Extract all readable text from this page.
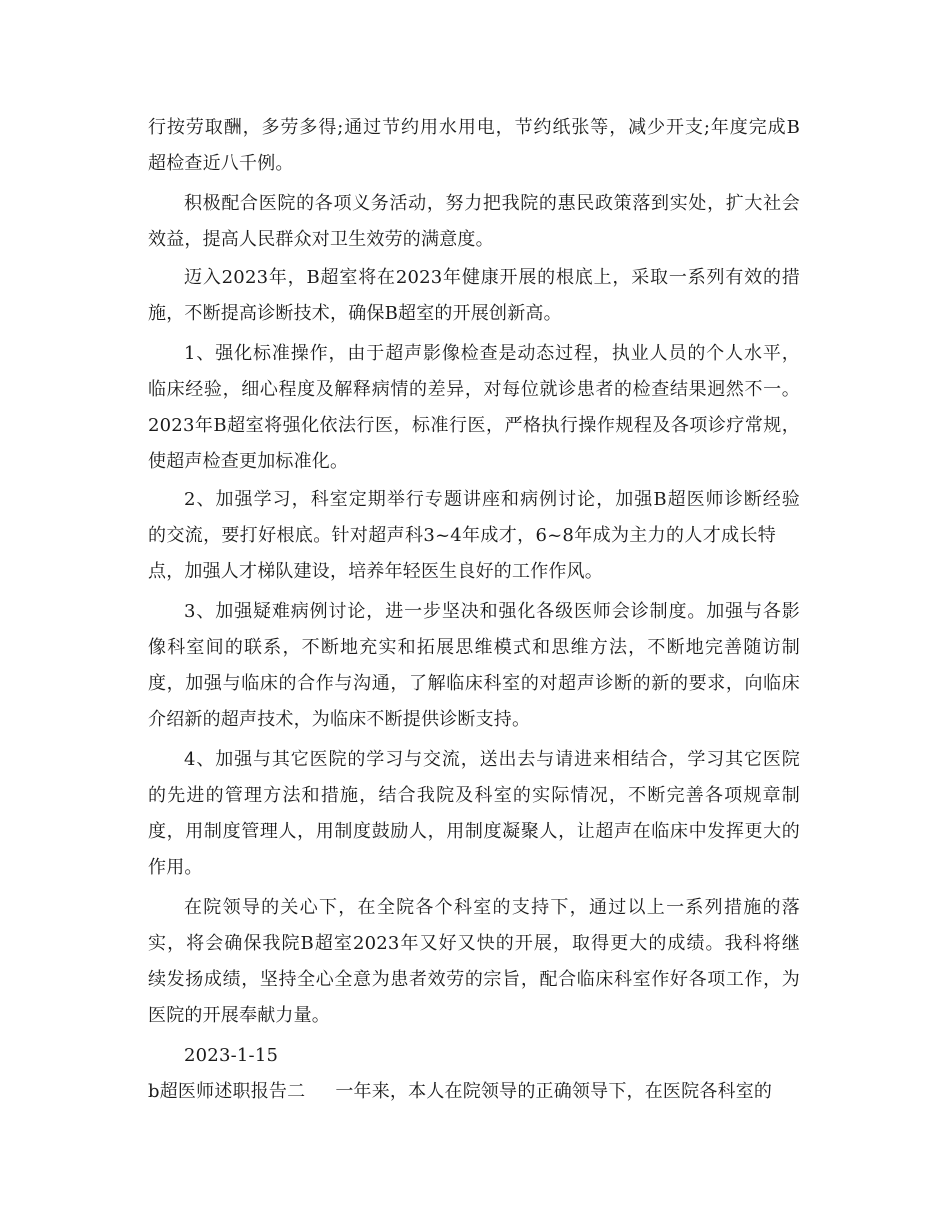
行按劳取酬，多劳多得;通过节约用水用电，节约纸张等，减少开支;年度完成B
超检查近八千例。
积极配合医院的各项义务活动，努力把我院的惠民政策落到实处，扩大社会
效益，提高人民群众对卫生效劳的满意度。
迈入2023年，B超室将在2023年健康开展的根底上，采取一系列有效的措
施，不断提高诊断技术，确保B超室的开展创新高。
1、强化标准操作，由于超声影像检查是动态过程，执业人员的个人水平，
临床经验，细心程度及解释病情的差异，对每位就诊患者的检查结果迥然不一。
2023年B超室将强化依法行医，标准行医，严格执行操作规程及各项诊疗常规，
使超声检查更加标准化。
2、加强学习，科室定期举行专题讲座和病例讨论，加强B超医师诊断经验
的交流，要打好根底。针对超声科3~4年成才，6~8年成为主力的人才成长特
点，加强人才梯队建设，培养年轻医生良好的工作作风。
3、加强疑难病例讨论，进一步坚决和强化各级医师会诊制度。加强与各影
像科室间的联系，不断地充实和拓展思维模式和思维方法，不断地完善随访制
度，加强与临床的合作与沟通，了解临床科室的对超声诊断的新的要求，向临床
介绍新的超声技术，为临床不断提供诊断支持。
4、加强与其它医院的学习与交流，送出去与请进来相结合，学习其它医院
的先进的管理方法和措施，结合我院及科室的实际情况，不断完善各项规章制
度，用制度管理人，用制度鼓励人，用制度凝聚人，让超声在临床中发挥更大的
作用。
在院领导的关心下，在全院各个科室的支持下，通过以上一系列措施的落
实，将会确保我院B超室2023年又好又快的开展，取得更大的成绩。我科将继
续发扬成绩，坚持全心全意为患者效劳的宗旨，配合临床科室作好各项工作，为
医院的开展奉献力量。
2023-1-15
b超医师述职报告二 一年来，本人在院领导的正确领导下，在医院各科室的
